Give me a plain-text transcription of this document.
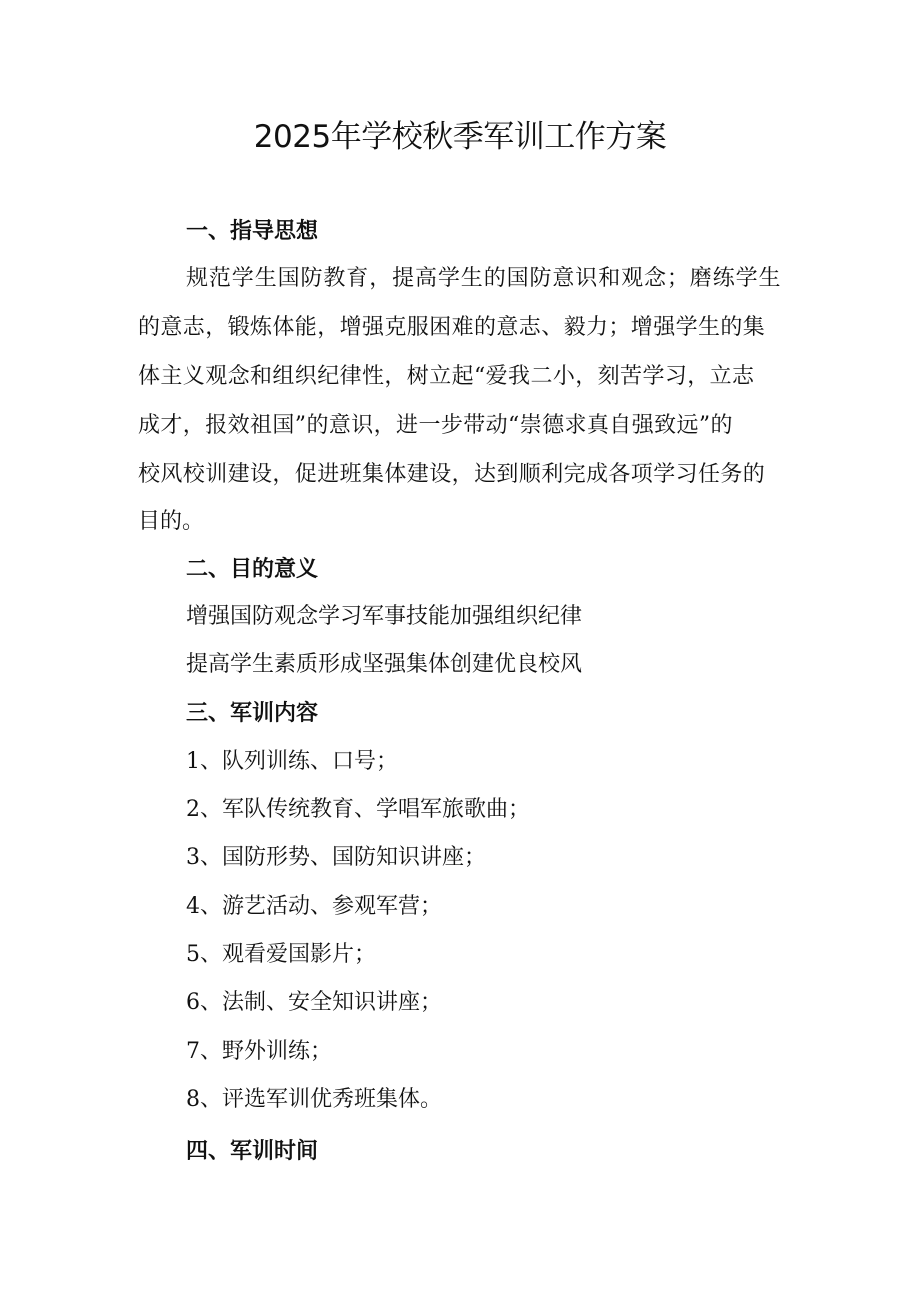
2025年学校秋季军训工作方案
一、指导思想
规范学生国防教育，提高学生的国防意识和观念；磨练学生
的意志，锻炼体能，增强克服困难的意志、毅力；增强学生的集
体主义观念和组织纪律性，树立起“爱我二小，刻苦学习，立志
成才，报效祖国”的意识，进一步带动“崇德求真自强致远”的
校风校训建设，促进班集体建设，达到顺利完成各项学习任务的
目的。
二、目的意义
增强国防观念学习军事技能加强组织纪律
提高学生素质形成坚强集体创建优良校风
三、军训内容
1、队列训练、口号；
2、军队传统教育、学唱军旅歌曲；
3、国防形势、国防知识讲座；
4、游艺活动、参观军营；
5、观看爱国影片；
6、法制、安全知识讲座；
7、野外训练；
8、评选军训优秀班集体。
四、军训时间
